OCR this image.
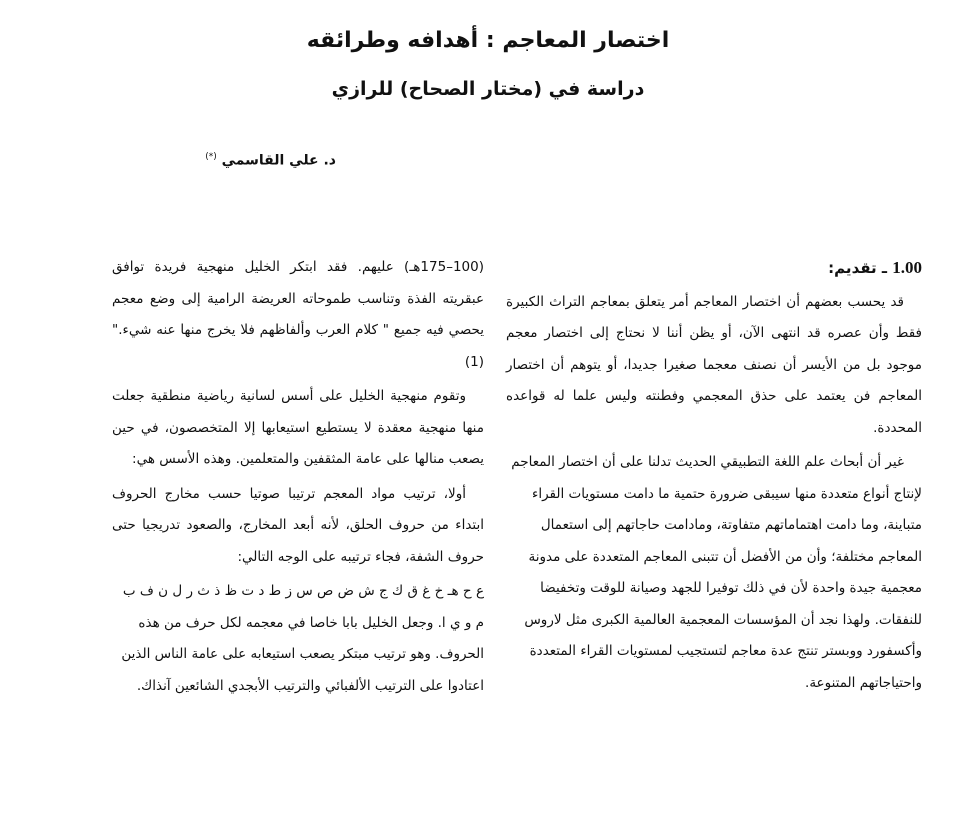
اختصار المعاجم : أهدافه وطرائقه
دراسة في (مختار الصحاح) للرازي
د. علي القاسمي (*)
1.00 ـ تقديم:

قد يحسب بعضهم أن اختصار المعاجم أمر يتعلق بمعاجم التراث الكبيرة فقط وأن عصره قد انتهى الآن، أو يظن أننا لا نحتاج إلى اختصار معجم موجود بل من الأيسر أن نصنف معجما صغيرا جديدا، أو يتوهم أن اختصار المعاجم فن يعتمد على حذق المعجمي وفطنته وليس علما له قواعده المحددة.

غير أن أبحاث علم اللغة التطبيقي الحديث تدلنا على أن اختصار المعاجم لإنتاج أنواع متعددة منها سيبقى ضرورة حتمية ما دامت مستويات القراء متباينة، وما دامت اهتماماتهم متفاوتة، ومادامت حاجاتهم إلى استعمال المعاجم مختلفة؛ وأن من الأفضل أن تتبنى المعاجم المتعددة على مدونة معجمية جيدة واحدة لأن في ذلك توفيرا للجهد وصيانة للوقت وتخفيضا للنفقات. ولهذا نجد أن المؤسسات المعجمية العالمية الكبرى مثل لاروس وأكسفورد ووبستر تنتج عدة معاجم لتستجيب لمستويات القراء المتعددة واحتياجاتهم المتنوعة.

(100–175هـ) عليهم. فقد ابتكر الخليل منهجية فريدة توافق عبقريته الفذة وتناسب طموحاته العريضة الرامية إلى وضع معجم يحصي فيه جميع " كلام العرب وألفاظهم فلا يخرج منها عنه شيء." (1)

وتقوم منهجية الخليل على أسس لسانية رياضية منطقية جعلت منها منهجية معقدة لا يستطيع استيعابها إلا المتخصصون، في حين يصعب منالها على عامة المثقفين والمتعلمين. وهذه الأسس هي:

أولا، ترتيب مواد المعجم ترتيبا صوتيا حسب مخارج الحروف ابتداء من حروف الحلق، لأنه أبعد المخارج، والصعود تدريجيا حتى حروف الشفة، فجاء ترتيبه على الوجه التالي:

ع ح هـ خ غ ق ك ج ش ض ص س ز ط د ت ظ ذ ث ر ل ن ف ب م و ي ا. وجعل الخليل بابا خاصا في معجمه لكل حرف من هذه الحروف. وهو ترتيب مبتكر يصعب استيعابه على عامة الناس الذين اعتادوا على الترتيب الألفبائي والترتيب الأبجدي الشائعين آنذاك.
